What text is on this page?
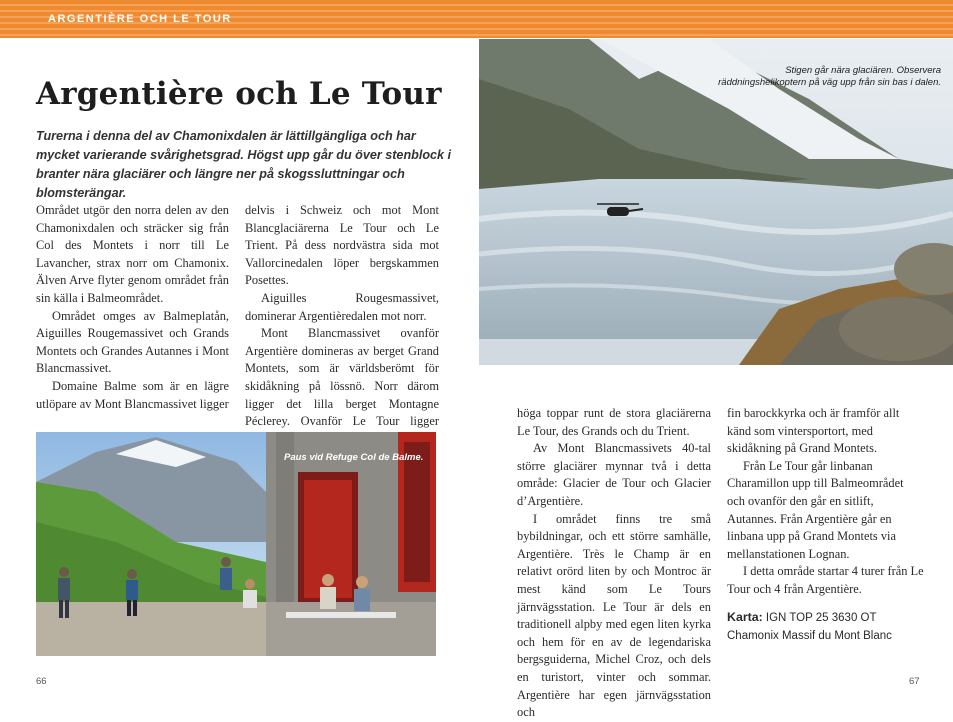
ARGENTIÈRE OCH LE TOUR
Argentière och Le Tour

Turerna i denna del av Chamonixdalen är lättillgängliga och har mycket varierande svårighetsgrad. Högst upp går du över stenblock i branter nära glaciärer och längre ner på skogssluttningar och blomsterängar.

Området utgör den norra delen av den Chamonixdalen och sträcker sig från Col des Montets i norr till Le Lavancher, strax norr om Chamonix. Älven Arve flyter genom området från sin källa i Balmeområdet.

Området omges av Balmeplatån, Aiguilles Rougemassivet och Grands Montets och Grandes Autannes i Mont Blancmassivet.

Domaine Balme som är en lägre utlöpare av Mont Blancmassivet ligger

delvis i Schweiz och mot Mont Blancglaciärerna Le Tour och Le Trient. På dess nordvästra sida mot Vallorcinedalen löper bergskammen Posettes.

Aiguilles Rougesmassivet, dominerar Argentièredalen mot norr.

Mont Blancmassivet ovanför Argentière domineras av berget Grand Montets, som är världsberömt för skidåkning på lössnö. Norr därom ligger det lilla berget Montagne Péclerey. Ovanför Le Tour ligger

Stigen går nära glaciären. Observera räddningshelikoptern på väg upp från sin bas i dalen.
Paus vid Refuge Col de Balme.

höga toppar runt de stora glaciärerna Le Tour, des Grands och du Trient.

Av Mont Blancmassivets 40-tal större glaciärer mynnar två i detta område: Glacier de Tour och Glacier d’Argentière.

I området finns tre små bybildningar, och ett större samhälle, Argentière. Très le Champ är en relativt orörd liten by och Montroc är mest känd som Le Tours järnvägsstation. Le Tour är dels en traditionell alpby med egen liten kyrka och hem för en av de legendariska bergsguiderna, Michel Croz, och dels en turistort, vinter och sommar. Argentière har egen järnvägsstation och

fin barockkyrka och är framför allt känd som vintersportort, med skidåkning på Grand Montets.

Från Le Tour går linbanan Charamillon upp till Balmeområdet och ovanför den går en sitlift, Autannes. Från Argentière går en linbana upp på Grand Montets via mellanstationen Lognan.

I detta område startar 4 turer från Le Tour och 4 från Argentière.

Karta: IGN TOP 25 3630 OT Chamonix Massif du Mont Blanc

66	67
